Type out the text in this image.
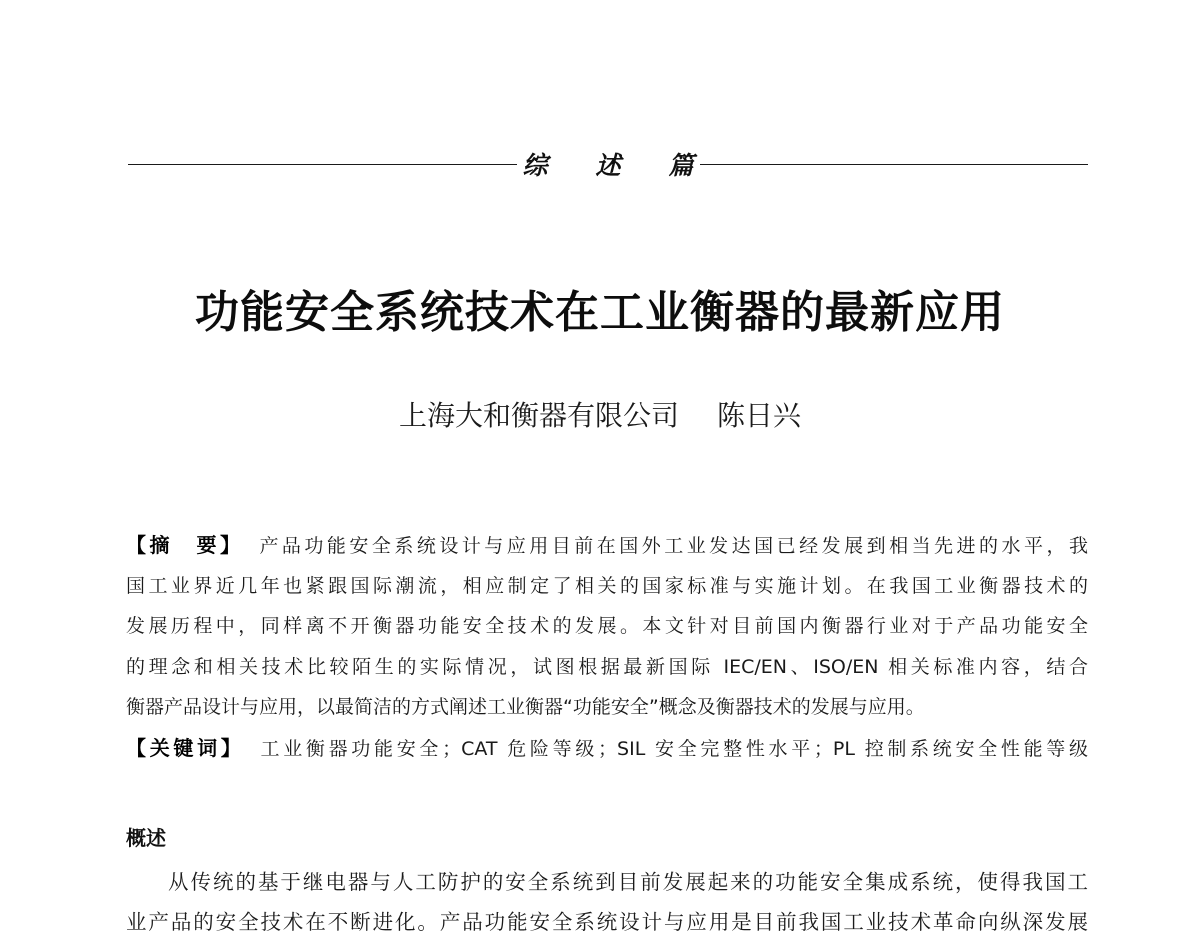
综述篇
功能安全系统技术在工业衡器的最新应用
上海大和衡器有限公司 陈日兴
【摘　要】 产品功能安全系统设计与应用目前在国外工业发达国已经发展到相当先进的水平，我
国工业界近几年也紧跟国际潮流，相应制定了相关的国家标准与实施计划。在我国工业衡器技术的
发展历程中，同样离不开衡器功能安全技术的发展。本文针对目前国内衡器行业对于产品功能安全
的理念和相关技术比较陌生的实际情况，试图根据最新国际 IEC/EN、ISO/EN 相关标准内容，结合
衡器产品设计与应用，以最简洁的方式阐述工业衡器“功能安全”概念及衡器技术的发展与应用。
【关键词】 工业衡器功能安全；CAT 危险等级；SIL 安全完整性水平；PL 控制系统安全性能等级
概述
从传统的基于继电器与人工防护的安全系统到目前发展起来的功能安全集成系统，使得我国工
业产品的安全技术在不断进化。产品功能安全系统设计与应用是目前我国工业技术革命向纵深发展
